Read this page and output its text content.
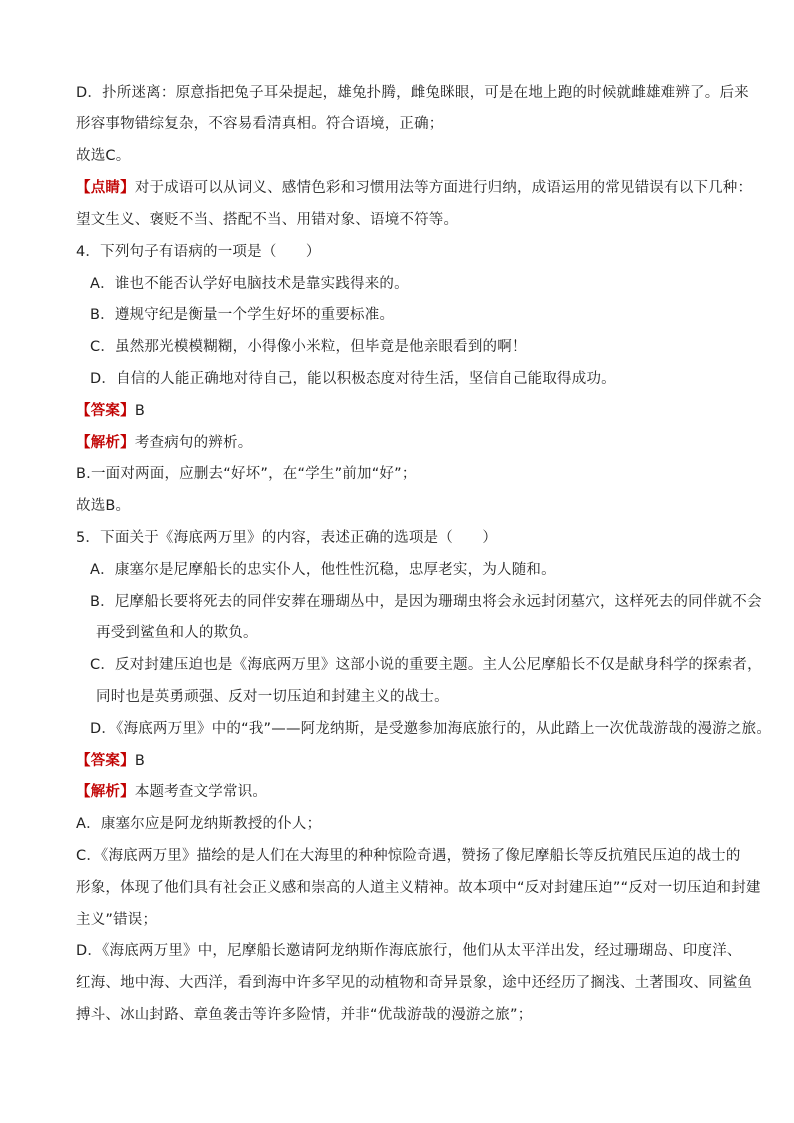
D．扑所迷离：原意指把兔子耳朵提起，雄兔扑腾，雌兔眯眼，可是在地上跑的时候就雌雄难辨了。后来
形容事物错综复杂，不容易看清真相。符合语境，正确；
故选C。
【点睛】对于成语可以从词义、感情色彩和习惯用法等方面进行归纳，成语运用的常见错误有以下几种：
望文生义、褒贬不当、搭配不当、用错对象、语境不符等。
4．下列句子有语病的一项是（　　）
A．谁也不能否认学好电脑技术是靠实践得来的。
B．遵规守纪是衡量一个学生好坏的重要标准。
C．虽然那光模模糊糊，小得像小米粒，但毕竟是他亲眼看到的啊！
D．自信的人能正确地对待自己，能以积极态度对待生活，坚信自己能取得成功。
【答案】B
【解析】考查病句的辨析。
B.一面对两面，应删去“好坏”，在“学生”前加“好”；
故选B。
5．下面关于《海底两万里》的内容，表述正确的选项是（　　）
A．康塞尔是尼摩船长的忠实仆人，他性性沉稳，忠厚老实，为人随和。
B．尼摩船长要将死去的同伴安葬在珊瑚丛中，是因为珊瑚虫将会永远封闭墓穴，这样死去的同伴就不会
再受到鲨鱼和人的欺负。
C．反对封建压迫也是《海底两万里》这部小说的重要主题。主人公尼摩船长不仅是献身科学的探索者，
同时也是英勇顽强、反对一切压迫和封建主义的战士。
D．《海底两万里》中的“我”——阿龙纳斯，是受邀参加海底旅行的，从此踏上一次优哉游哉的漫游之旅。
【答案】B
【解析】本题考查文学常识。
A．康塞尔应是阿龙纳斯教授的仆人；
C．《海底两万里》描绘的是人们在大海里的种种惊险奇遇，赞扬了像尼摩船长等反抗殖民压迫的战士的
形象，体现了他们具有社会正义感和崇高的人道主义精神。故本项中“反对封建压迫”“反对一切压迫和封建
主义”错误；
D．《海底两万里》中，尼摩船长邀请阿龙纳斯作海底旅行，他们从太平洋出发，经过珊瑚岛、印度洋、
红海、地中海、大西洋，看到海中许多罕见的动植物和奇异景象，途中还经历了搁浅、土著围攻、同鲨鱼
搏斗、冰山封路、章鱼袭击等许多险情，并非“优哉游哉的漫游之旅”；
